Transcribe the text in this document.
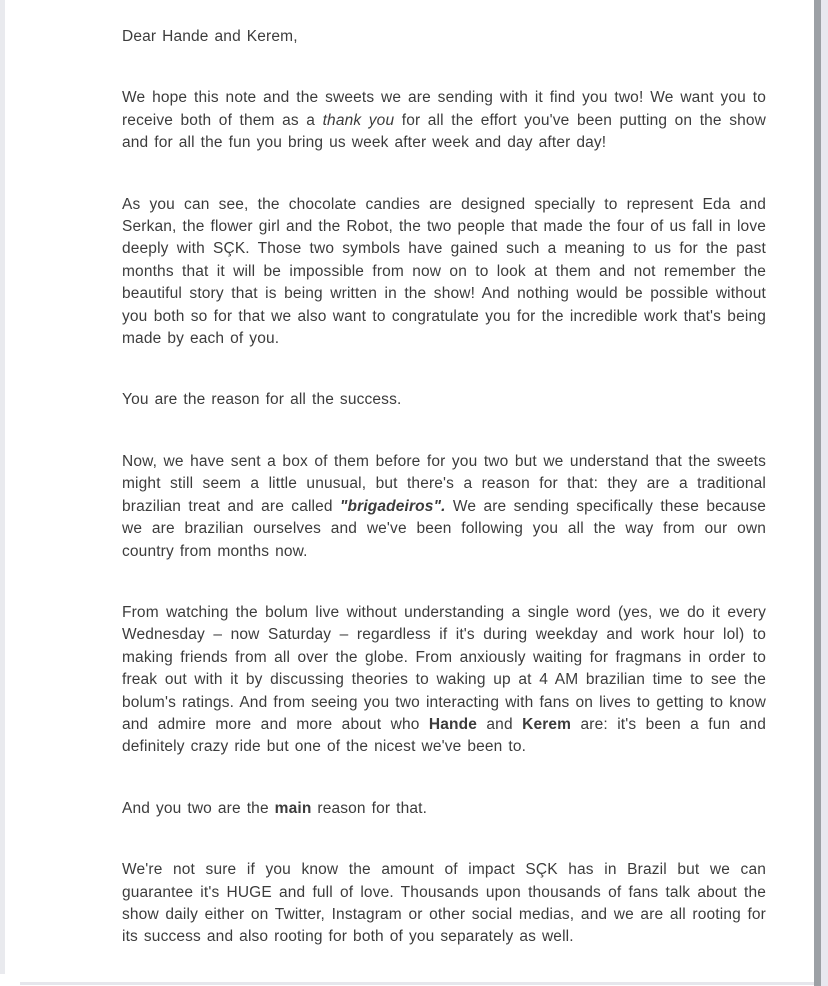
Dear Hande and Kerem,

We hope this note and the sweets we are sending with it find you two! We want you to receive both of them as a thank you for all the effort you've been putting on the show and for all the fun you bring us week after week and day after day!

As you can see, the chocolate candies are designed specially to represent Eda and Serkan, the flower girl and the Robot, the two people that made the four of us fall in love deeply with SÇK. Those two symbols have gained such a meaning to us for the past months that it will be impossible from now on to look at them and not remember the beautiful story that is being written in the show! And nothing would be possible without you both so for that we also want to congratulate you for the incredible work that's being made by each of you.

You are the reason for all the success.

Now, we have sent a box of them before for you two but we understand that the sweets might still seem a little unusual, but there's a reason for that: they are a traditional brazilian treat and are called "brigadeiros". We are sending specifically these because we are brazilian ourselves and we've been following you all the way from our own country from months now.

From watching the bolum live without understanding a single word (yes, we do it every Wednesday – now Saturday – regardless if it's during weekday and work hour lol) to making friends from all over the globe. From anxiously waiting for fragmans in order to freak out with it by discussing theories to waking up at 4 AM brazilian time to see the bolum's ratings. And from seeing you two interacting with fans on lives to getting to know and admire more and more about who Hande and Kerem are: it's been a fun and definitely crazy ride but one of the nicest we've been to.

And you two are the main reason for that.

We're not sure if you know the amount of impact SÇK has in Brazil but we can guarantee it's HUGE and full of love. Thousands upon thousands of fans talk about the show daily either on Twitter, Instagram or other social medias, and we are all rooting for its success and also rooting for both of you separately as well.
